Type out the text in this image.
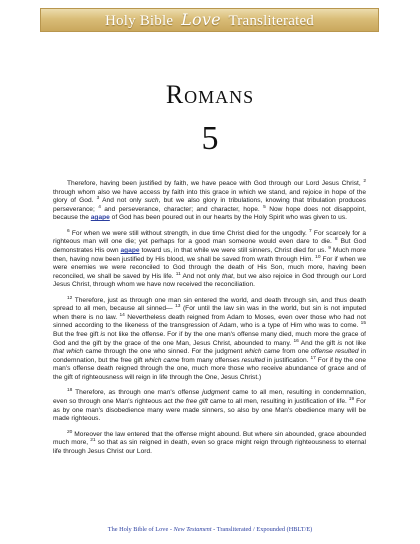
Holy Bible Love Transliterated
Romans
5

Therefore, having been justified by faith, we have peace with God through our Lord Jesus Christ, $^2$ through whom also we have access by faith into this grace in which we stand, and rejoice in hope of the glory of God. $^3$ And not only such, but we also glory in tribulations, knowing that tribulation produces perseverance; $^4$ and perseverance, character; and character, hope. $^5$ Now hope does not disappoint, because the agape of God has been poured out in our hearts by the Holy Spirit who was given to us.

$^6$ For when we were still without strength, in due time Christ died for the ungodly. $^7$ For scarcely for a righteous man will one die; yet perhaps for a good man someone would even dare to die. $^8$ But God demonstrates His own agape toward us, in that while we were still sinners, Christ died for us. $^9$ Much more then, having now been justified by His blood, we shall be saved from wrath through Him. $^{10}$ For if when we were enemies we were reconciled to God through the death of His Son, much more, having been reconciled, we shall be saved by His life. $^{11}$ And not only that, but we also rejoice in God through our Lord Jesus Christ, through whom we have now received the reconciliation.

$^{12}$ Therefore, just as through one man sin entered the world, and death through sin, and thus death spread to all men, because all sinned— $^{13}$ (For until the law sin was in the world, but sin is not imputed when there is no law. $^{14}$ Nevertheless death reigned from Adam to Moses, even over those who had not sinned according to the likeness of the transgression of Adam, who is a type of Him who was to come. $^{15}$ But the free gift is not like the offense. For if by the one man's offense many died, much more the grace of God and the gift by the grace of the one Man, Jesus Christ, abounded to many. $^{16}$ And the gift is not like that which came through the one who sinned. For the judgment which came from one offense resulted in condemnation, but the free gift which came from many offenses resulted in justification. $^{17}$ For if by the one man's offense death reigned through the one, much more those who receive abundance of grace and of the gift of righteousness will reign in life through the One, Jesus Christ.)

$^{18}$ Therefore, as through one man's offense judgment came to all men, resulting in condemnation, even so through one Man's righteous act the free gift came to all men, resulting in justification of life. $^{19}$ For as by one man's disobedience many were made sinners, so also by one Man's obedience many will be made righteous.

$^{20}$ Moreover the law entered that the offense might abound. But where sin abounded, grace abounded much more, $^{21}$ so that as sin reigned in death, even so grace might reign through righteousness to eternal life through Jesus Christ our Lord.

The Holy Bible of Love - New Testament - Transliterated / Expounded (HBLT/E)
